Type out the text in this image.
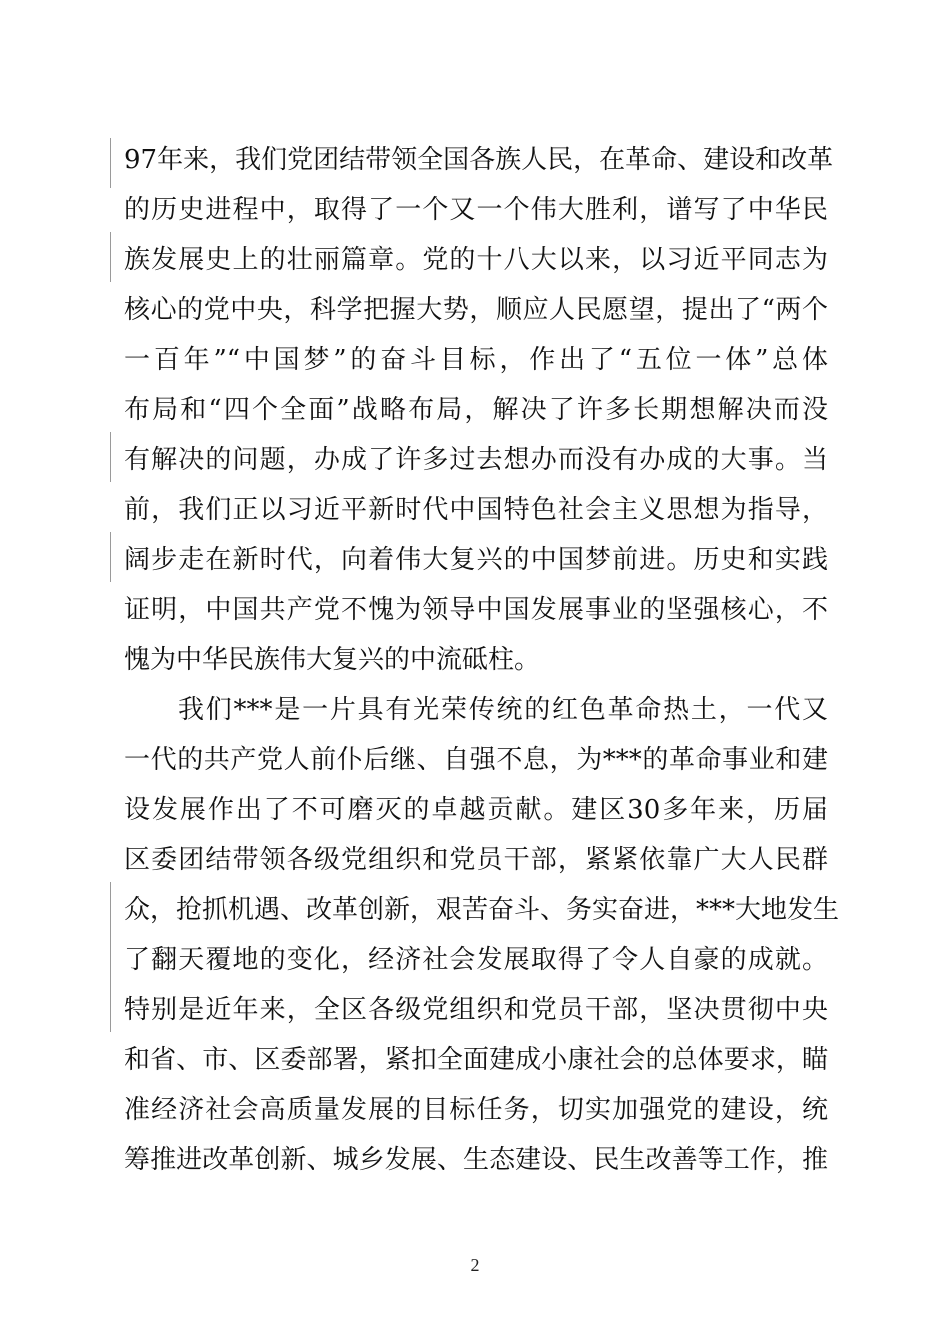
97年来，我们党团结带领全国各族人民，在革命、建设和改革
的历史进程中，取得了一个又一个伟大胜利，谱写了中华民
族发展史上的壮丽篇章。党的十八大以来，以习近平同志为
核心的党中央，科学把握大势，顺应人民愿望，提出了“两个
一百年”“中国梦”的奋斗目标，作出了“五位一体”总体
布局和“四个全面”战略布局，解决了许多长期想解决而没
有解决的问题，办成了许多过去想办而没有办成的大事。当
前，我们正以习近平新时代中国特色社会主义思想为指导，
阔步走在新时代，向着伟大复兴的中国梦前进。历史和实践
证明，中国共产党不愧为领导中国发展事业的坚强核心，不
愧为中华民族伟大复兴的中流砥柱。
我们***是一片具有光荣传统的红色革命热土，一代又
一代的共产党人前仆后继、自强不息，为***的革命事业和建
设发展作出了不可磨灭的卓越贡献。建区30多年来，历届
区委团结带领各级党组织和党员干部，紧紧依靠广大人民群
众，抢抓机遇、改革创新，艰苦奋斗、务实奋进，***大地发生
了翻天覆地的变化，经济社会发展取得了令人自豪的成就。
特别是近年来，全区各级党组织和党员干部，坚决贯彻中央
和省、市、区委部署，紧扣全面建成小康社会的总体要求，瞄
准经济社会高质量发展的目标任务，切实加强党的建设，统
筹推进改革创新、城乡发展、生态建设、民生改善等工作，推
2
